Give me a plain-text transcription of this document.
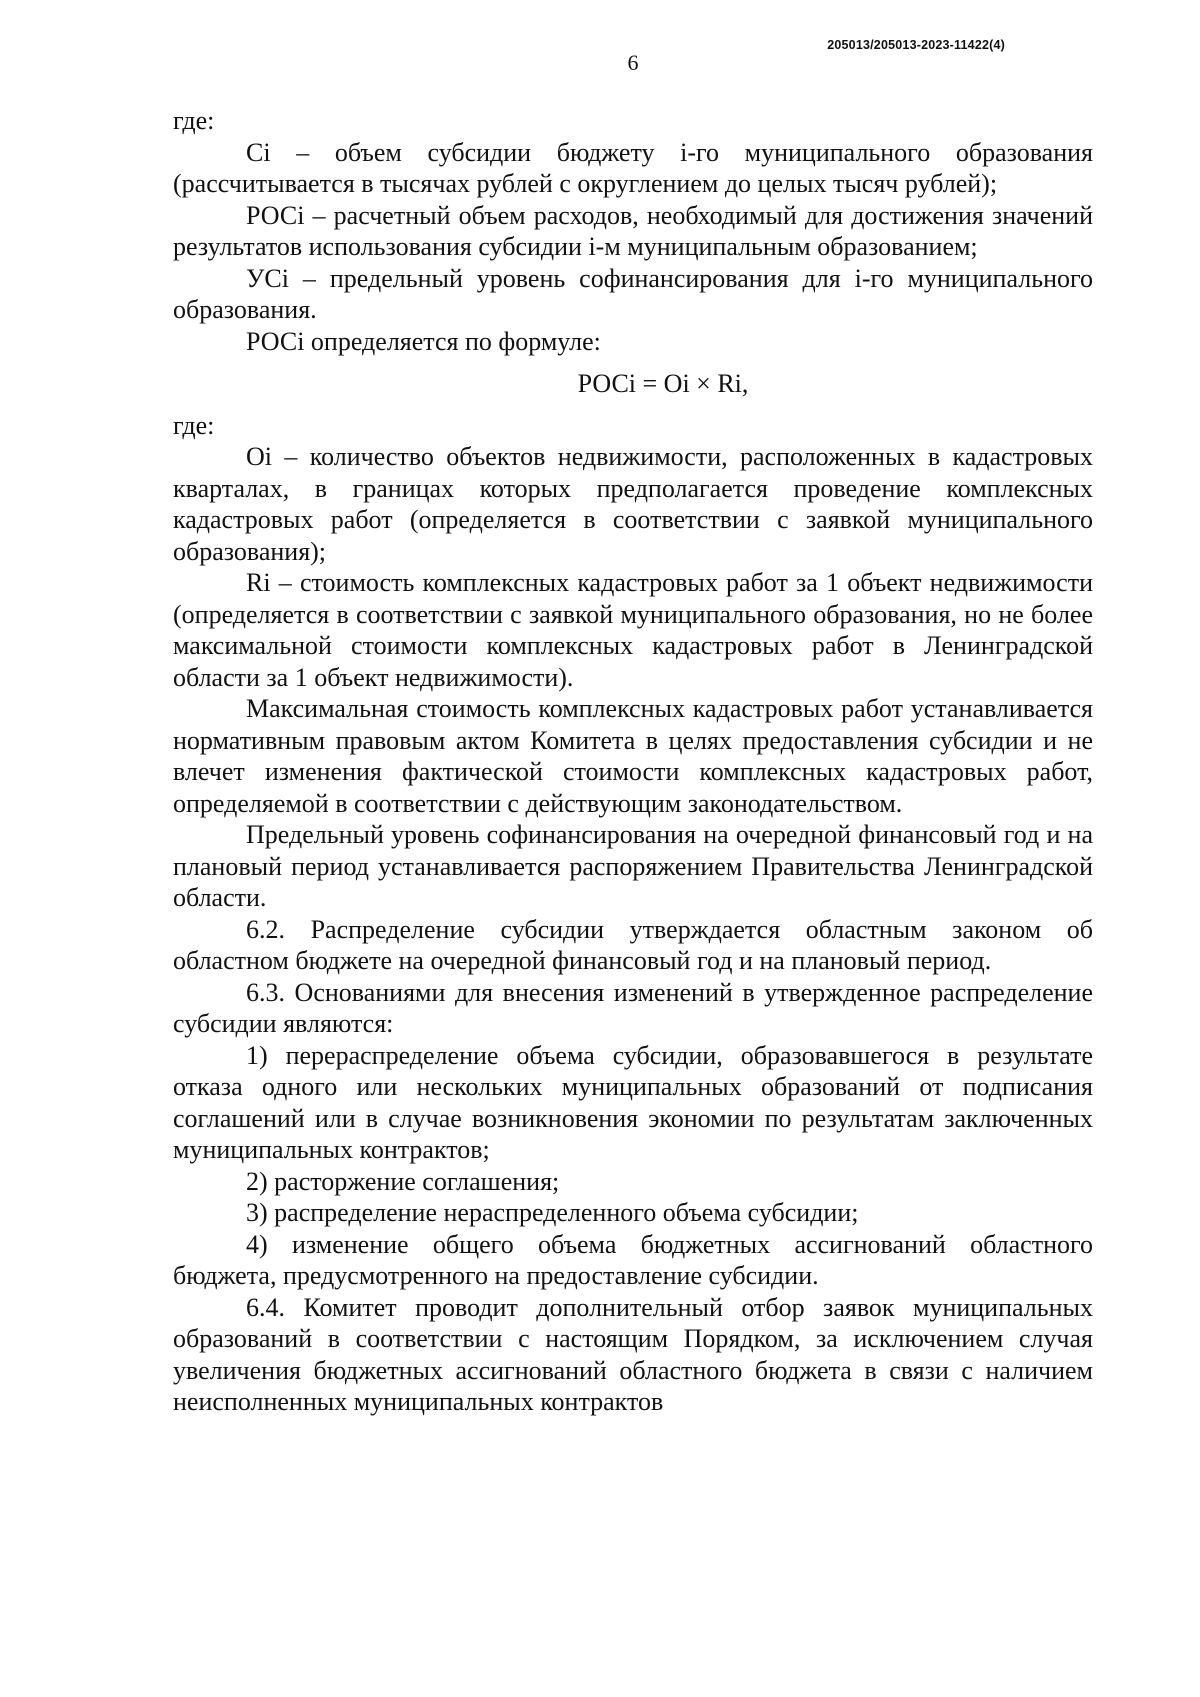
6
205013/205013-2023-11422(4)

где:

Ci – объем субсидии бюджету i-го муниципального образования (рассчитывается в тысячах рублей с округлением до целых тысяч рублей);

РОСi – расчетный объем расходов, необходимый для достижения значений результатов использования субсидии i-м муниципальным образованием;

УСi – предельный уровень софинансирования для i-го муниципального образования.

РОСi определяется по формуле:

РОСi = Oi × Ri,

где:

Oi – количество объектов недвижимости, расположенных в кадастровых кварталах, в границах которых предполагается проведение комплексных кадастровых работ (определяется в соответствии с заявкой муниципального образования);

Ri – стоимость комплексных кадастровых работ за 1 объект недвижимости (определяется в соответствии с заявкой муниципального образования, но не более максимальной стоимости комплексных кадастровых работ в Ленинградской области за 1 объект недвижимости).

Максимальная стоимость комплексных кадастровых работ устанавливается нормативным правовым актом Комитета в целях предоставления субсидии и не влечет изменения фактической стоимости комплексных кадастровых работ, определяемой в соответствии с действующим законодательством.

Предельный уровень софинансирования на очередной финансовый год и на плановый период устанавливается распоряжением Правительства Ленинградской области.

6.2. Распределение субсидии утверждается областным законом об областном бюджете на очередной финансовый год и на плановый период.

6.3. Основаниями для внесения изменений в утвержденное распределение субсидии являются:

1) перераспределение объема субсидии, образовавшегося в результате отказа одного или нескольких муниципальных образований от подписания соглашений или в случае возникновения экономии по результатам заключенных муниципальных контрактов;

2) расторжение соглашения;

3) распределение нераспределенного объема субсидии;

4) изменение общего объема бюджетных ассигнований областного бюджета, предусмотренного на предоставление субсидии.

6.4. Комитет проводит дополнительный отбор заявок муниципальных образований в соответствии с настоящим Порядком, за исключением случая увеличения бюджетных ассигнований областного бюджета в связи с наличием неисполненных муниципальных контрактов
